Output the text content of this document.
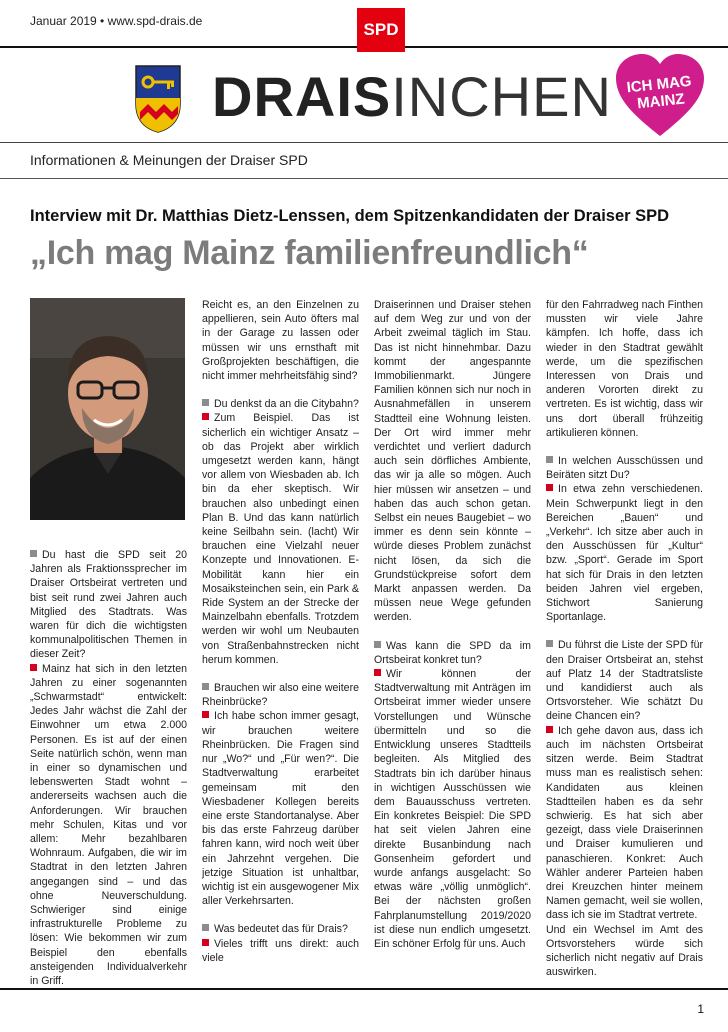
Januar 2019 • www.spd-drais.de	SPD
DRAISINCHEN ICH MAG MAINZ
Informationen & Meinungen der Draiser SPD
Interview mit Dr. Matthias Dietz-Lenssen, dem Spitzenkandidaten der Draiser SPD
„Ich mag Mainz familienfreundlich“

Du hast die SPD seit 20 Jahren als Fraktionssprecher im Draiser Ortsbeirat vertreten und bist seit rund zwei Jahren auch Mitglied des Stadtrats. Was waren für dich die wichtigsten kommunalpolitischen Themen in dieser Zeit?

Mainz hat sich in den letzten Jahren zu einer sogenannten „Schwarmstadt“ entwickelt: Jedes Jahr wächst die Zahl der Einwohner um etwa 2.000 Personen. Es ist auf der einen Seite natürlich schön, wenn man in einer so dynamischen und lebenswerten Stadt wohnt – andererseits wachsen auch die Anforderungen. Wir brauchen mehr Schulen, Kitas und vor allem: Mehr bezahlbaren Wohnraum. Aufgaben, die wir im Stadtrat in den letzten Jahren angegangen sind – und das ohne Neuverschuldung. Schwieriger sind einige infrastrukturelle Probleme zu lösen: Wie bekommen wir zum Beispiel den ebenfalls ansteigenden Individualverkehr in Griff.

Reicht es, an den Einzelnen zu appellieren, sein Auto öfters mal in der Garage zu lassen oder müssen wir uns ernsthaft mit Großprojekten beschäftigen, die nicht immer mehrheitsfähig sind?

Du denkst da an die Citybahn?

Zum Beispiel. Das ist sicherlich ein wichtiger Ansatz – ob das Projekt aber wirklich umgesetzt werden kann, hängt vor allem von Wiesbaden ab. Ich bin da eher skeptisch. Wir brauchen also unbedingt einen Plan B. Und das kann natürlich keine Seilbahn sein. (lacht) Wir brauchen eine Vielzahl neuer Konzepte und Innovationen. E-Mobilität kann hier ein Mosaiksteinchen sein, ein Park & Ride System an der Strecke der Mainzelbahn ebenfalls. Trotzdem werden wir wohl um Neubauten von Straßenbahnstrecken nicht herum kommen.

Brauchen wir also eine weitere Rheinbrücke?

Ich habe schon immer gesagt, wir brauchen weitere Rheinbrücken. Die Fragen sind nur „Wo?“ und „Für wen?“. Die Stadtverwaltung erarbeitet gemeinsam mit den Wiesbadener Kollegen bereits eine erste Standortanalyse. Aber bis das erste Fahrzeug darüber fahren kann, wird noch weit über ein Jahrzehnt vergehen. Die jetzige Situation ist unhaltbar, wichtig ist ein ausgewogener Mix aller Verkehrsarten.

Was bedeutet das für Drais?

Vieles trifft uns direkt: auch viele

Draiserinnen und Draiser stehen auf dem Weg zur und von der Arbeit zweimal täglich im Stau. Das ist nicht hinnehmbar. Dazu kommt der angespannte Immobilienmarkt. Jüngere Familien können sich nur noch in Ausnahmefällen in unserem Stadtteil eine Wohnung leisten. Der Ort wird immer mehr verdichtet und verliert dadurch auch sein dörfliches Ambiente, das wir ja alle so mögen. Auch hier müssen wir ansetzen – und haben das auch schon getan. Selbst ein neues Baugebiet – wo immer es denn sein könnte – würde dieses Problem zunächst nicht lösen, da sich die Grundstückpreise sofort dem Markt anpassen werden. Da müssen neue Wege gefunden werden.

Was kann die SPD da im Ortsbeirat konkret tun?

Wir können der Stadtverwaltung mit Anträgen im Ortsbeirat immer wieder unsere Vorstellungen und Wünsche übermitteln und so die Entwicklung unseres Stadtteils begleiten. Als Mitglied des Stadtrats bin ich darüber hinaus in wichtigen Ausschüssen wie dem Bauausschuss vertreten. Ein konkretes Beispiel: Die SPD hat seit vielen Jahren eine direkte Busanbindung nach Gonsenheim gefordert und wurde anfangs ausgelacht: So etwas wäre „völlig unmöglich“. Bei der nächsten großen Fahrplanumstellung 2019/2020 ist diese nun endlich umgesetzt. Ein schöner Erfolg für uns. Auch

für den Fahrradweg nach Finthen mussten wir viele Jahre kämpfen. Ich hoffe, dass ich wieder in den Stadtrat gewählt werde, um die spezifischen Interessen von Drais und anderen Vororten direkt zu vertreten. Es ist wichtig, dass wir uns dort überall frühzeitig artikulieren können.

In welchen Ausschüssen und Beiräten sitzt Du?

In etwa zehn verschiedenen. Mein Schwerpunkt liegt in den Bereichen „Bauen“ und „Verkehr“. Ich sitze aber auch in den Ausschüssen für „Kultur“ bzw. „Sport“. Gerade im Sport hat sich für Drais in den letzten beiden Jahren viel ergeben, Stichwort Sanierung Sportanlage.

Du führst die Liste der SPD für den Draiser Ortsbeirat an, stehst auf Platz 14 der Stadtratsliste und kandidierst auch als Ortsvorsteher. Wie schätzt Du deine Chancen ein?

Ich gehe davon aus, dass ich auch im nächsten Ortsbeirat sitzen werde. Beim Stadtrat muss man es realistisch sehen: Kandidaten aus kleinen Stadtteilen haben es da sehr schwierig. Es hat sich aber gezeigt, dass viele Draiserinnen und Draiser kumulieren und panaschieren. Konkret: Auch Wähler anderer Parteien haben drei Kreuzchen hinter meinem Namen gemacht, weil sie wollen, dass ich sie im Stadtrat vertrete.

Und ein Wechsel im Amt des Ortsvorstehers würde sich sicherlich nicht negativ auf Drais auswirken.

1
